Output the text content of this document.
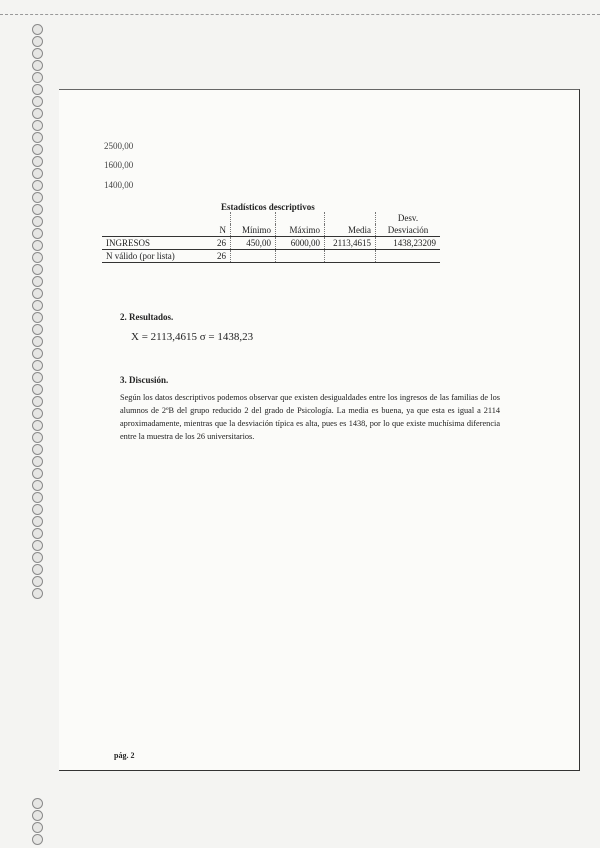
2500,00
1600,00
1400,00
Estadísticos descriptivos
					Desv.
	N	Mínimo	Máximo	Media	Desviación
INGRESOS	26	450,00	6000,00	2113,4615	1438,23209
N válido (por lista)	26				
2. Resultados.
X = 2113,4615 σ = 1438,23
3. Discusión.
Según los datos descriptivos podemos observar que existen desigualdades entre los ingresos de las familias de los alumnos de 2ºB del grupo reducido 2 del grado de Psicología. La media es buena, ya que esta es igual a 2114 aproximadamente, mientras que la desviación típica es alta, pues es 1438, por lo que existe muchísima diferencia entre la muestra de los 26 universitarios.
pág. 2
